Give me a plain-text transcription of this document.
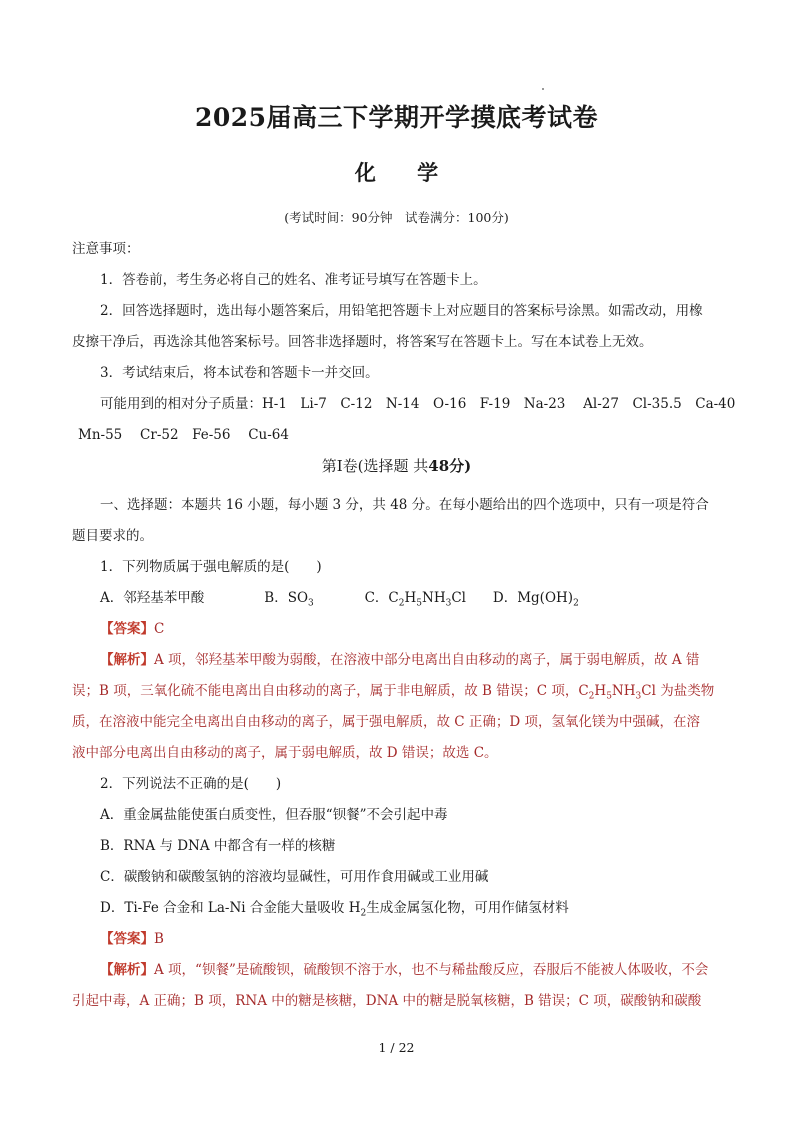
2025届高三下学期开学摸底考试卷
化 学
(考试时间：90分钟　试卷满分：100分)
注意事项：
1．答卷前，考生务必将自己的姓名、准考证号填写在答题卡上。
2．回答选择题时，选出每小题答案后，用铅笔把答题卡上对应题目的答案标号涂黑。如需改动，用橡
皮擦干净后，再选涂其他答案标号。回答非选择题时，将答案写在答题卡上。写在本试卷上无效。
3．考试结束后，将本试卷和答题卡一并交回。
可能用到的相对分子质量：H-1　Li-7　C-12　N-14　O-16　F-19　Na-23　 Al-27　Cl-35.5　Ca-40
Mn-55　 Cr-52　Fe-56　 Cu-64
第Ⅰ卷(选择题 共48分)
一、选择题：本题共 16 小题，每小题 3 分，共 48 分。在每小题给出的四个选项中，只有一项是符合
题目要求的。
1．下列物质属于强电解质的是(　　)
A．邻羟基苯甲酸	B．$SO_3$	C．$C_2H_5NH_3Cl$ D．$Mg(OH)_2$
【答案】C
【解析】A 项，邻羟基苯甲酸为弱酸，在溶液中部分电离出自由移动的离子，属于弱电解质，故 A 错
误；B 项，三氧化硫不能电离出自由移动的离子，属于非电解质，故 B 错误；C 项，$C_2H_5NH_3Cl$ 为盐类物
质，在溶液中能完全电离出自由移动的离子，属于强电解质，故 C 正确；D 项，氢氧化镁为中强碱，在溶
液中部分电离出自由移动的离子，属于弱电解质，故 D 错误；故选 C。
2．下列说法不正确的是(　　)
A．重金属盐能使蛋白质变性，但吞服“钡餐”不会引起中毒
B．RNA 与 DNA 中都含有一样的核糖
C．碳酸钠和碳酸氢钠的溶液均显碱性，可用作食用碱或工业用碱
D．Ti-Fe 合金和 La-Ni 合金能大量吸收 $H_2$生成金属氢化物，可用作储氢材料
【答案】B
【解析】A 项，“钡餐”是硫酸钡，硫酸钡不溶于水，也不与稀盐酸反应，吞服后不能被人体吸收，不会
引起中毒，A 正确；B 项，RNA 中的糖是核糖，DNA 中的糖是脱氧核糖，B 错误；C 项，碳酸钠和碳酸
1 / 22
